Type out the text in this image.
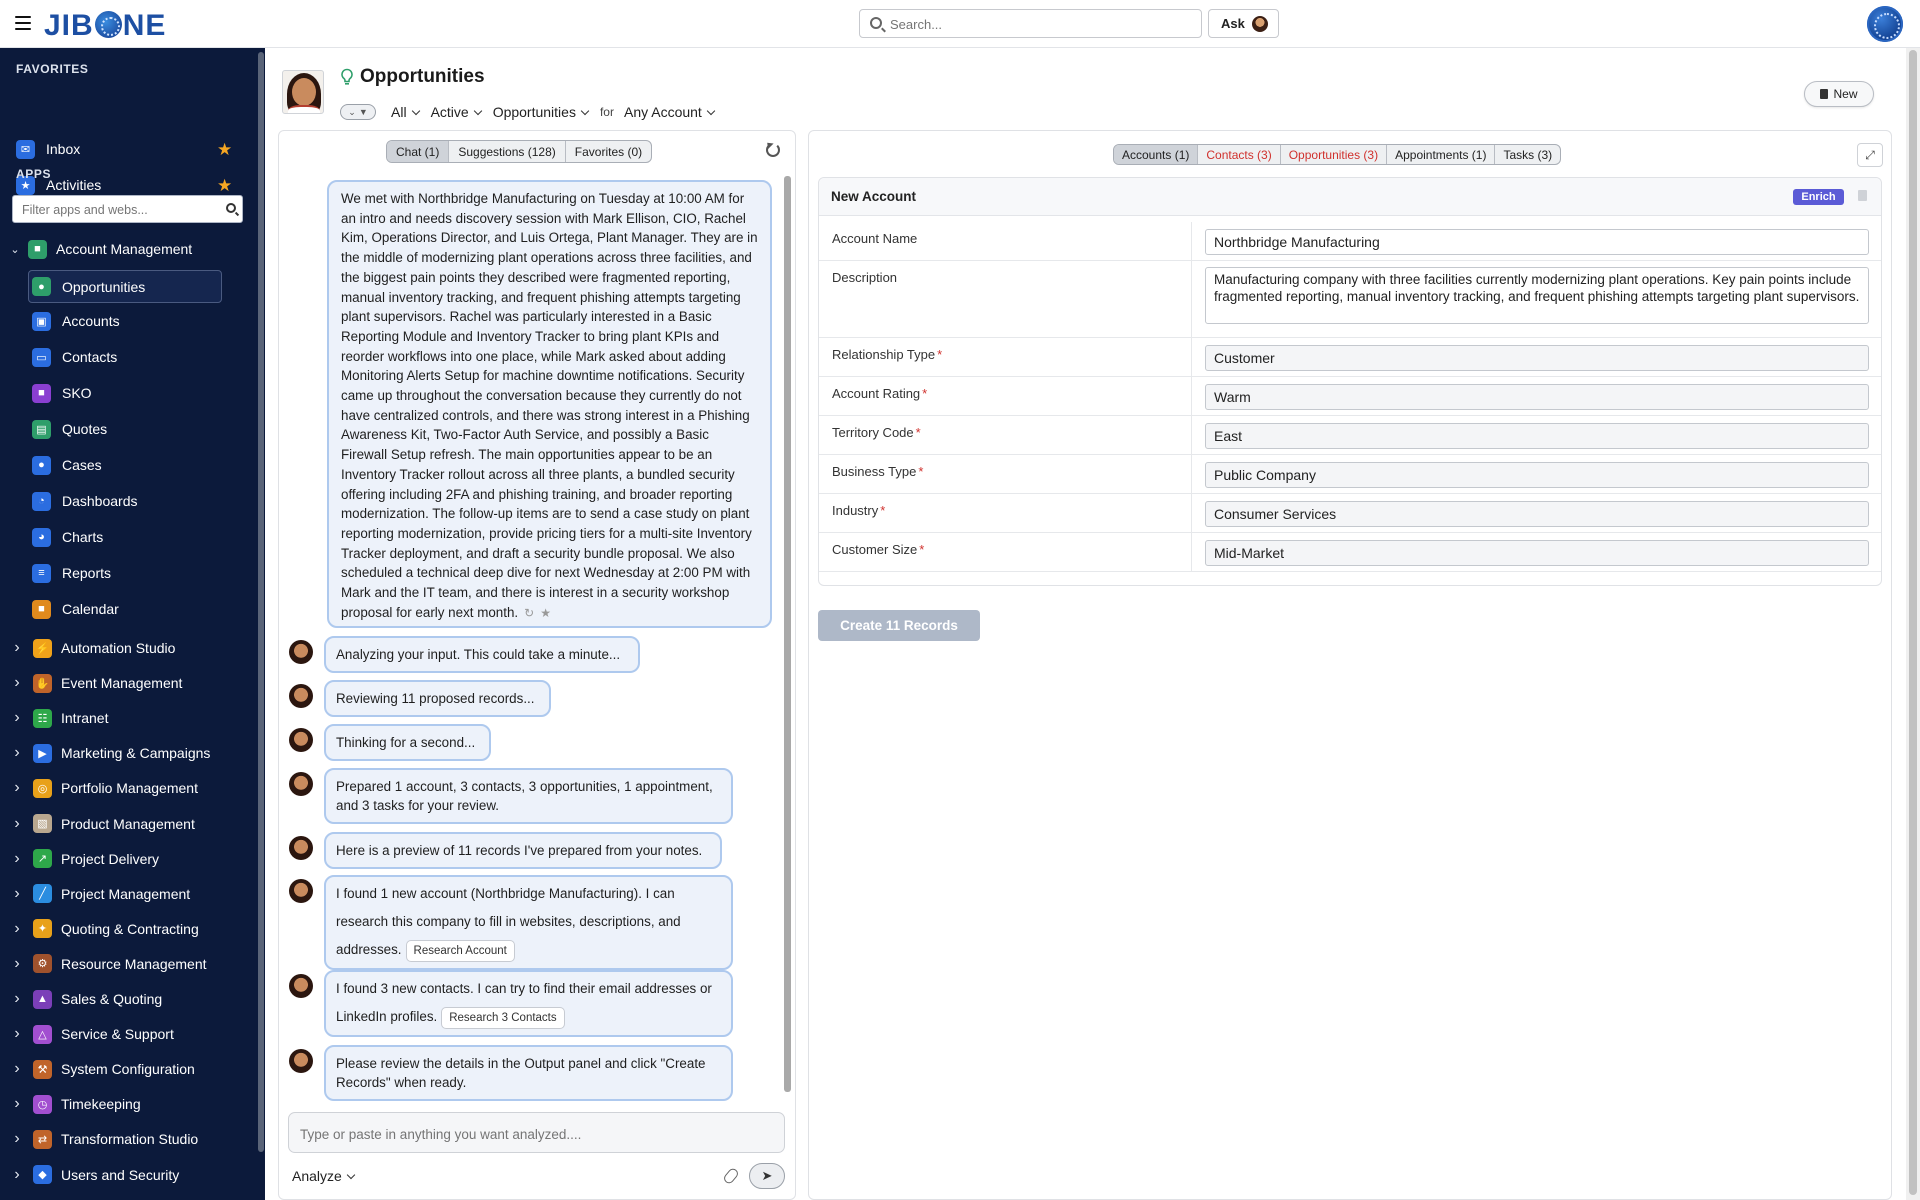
JIB NE
Search...	Ask
FAVORITES
✉	Inbox	★
★	Activities	★
APPS
Filter apps and webs...
⌄	■	Account Management
●	Opportunities
▣	Accounts
▭	Contacts
■	SKO
▤	Quotes
●	Cases
◔	Dashboards
◕	Charts
≡	Reports
■	Calendar
›	⚡ Automation Studio
›	✋ Event Management
›	☷ Intranet
›	▶	Marketing & Campaigns
›	◎ Portfolio Management
›	▧ Product Management
›	↗ Project Delivery
›	╱	Project Management
›	✦ Quoting & Contracting
›	⚙ Resource Management
›	▲ Sales & Quoting
›	△	Service & Support
›	⚒ System Configuration
›	◷ Timekeeping
›	⇄ Transformation Studio
›	◆	Users and Security
Opportunities
⌄ ▼ All	Active	Opportunities	for Any Account
New
Chat (1)	Suggestions (128)	Favorites (0)
We met with Northbridge Manufacturing on Tuesday at 10:00 AM for an intro and needs discovery session with Mark Ellison, CIO, Rachel Kim, Operations Director, and Luis Ortega, Plant Manager. They are in the middle of modernizing plant operations across three facilities, and the biggest pain points they described were fragmented reporting, manual inventory tracking, and frequent phishing attempts targeting plant supervisors. Rachel was particularly interested in a Basic Reporting Module and Inventory Tracker to bring plant KPIs and reorder workflows into one place, while Mark asked about adding Monitoring Alerts Setup for machine downtime notifications. Security came up throughout the conversation because they currently do not have centralized controls, and there was strong interest in a Phishing Awareness Kit, Two-Factor Auth Service, and possibly a Basic Firewall Setup refresh. The main opportunities appear to be an Inventory Tracker rollout across all three plants, a bundled security offering including 2FA and phishing training, and broader reporting modernization. The follow-up items are to send a case study on plant reporting modernization, provide pricing tiers for a multi-site Inventory Tracker deployment, and draft a security bundle proposal. We also scheduled a technical deep dive for next Wednesday at 2:00 PM with Mark and the IT team, and there is interest in a security workshop proposal for early next month. ↻★
Analyzing your input. This could take a minute...
Reviewing 11 proposed records...
Thinking for a second...
Prepared 1 account, 3 contacts, 3 opportunities, 1 appointment, and 3 tasks for your review.
Here is a preview of 11 records I've prepared from your notes.
I found 1 new account (Northbridge Manufacturing). I can research this company to fill in websites, descriptions, and addresses. Research Account
I found 3 new contacts. I can try to find their email addresses or LinkedIn profiles. Research 3 Contacts
Please review the details in the Output panel and click "Create Records" when ready.
Type or paste in anything you want analyzed....
Analyze	➤
Accounts (1)	Contacts (3)	Opportunities (3)	Appointments (1)	Tasks (3)	⤢
New Account	Enrich
Account Name	Northbridge Manufacturing
Description	Manufacturing company with three facilities currently modernizing plant operations. Key pain points include fragmented reporting, manual inventory tracking, and frequent phishing attempts targeting plant supervisors.
Relationship Type *	Customer
Account Rating *	Warm
Territory Code *	East
Business Type *	Public Company
Industry *	Consumer Services
Customer Size *	Mid-Market
Create 11 Records
